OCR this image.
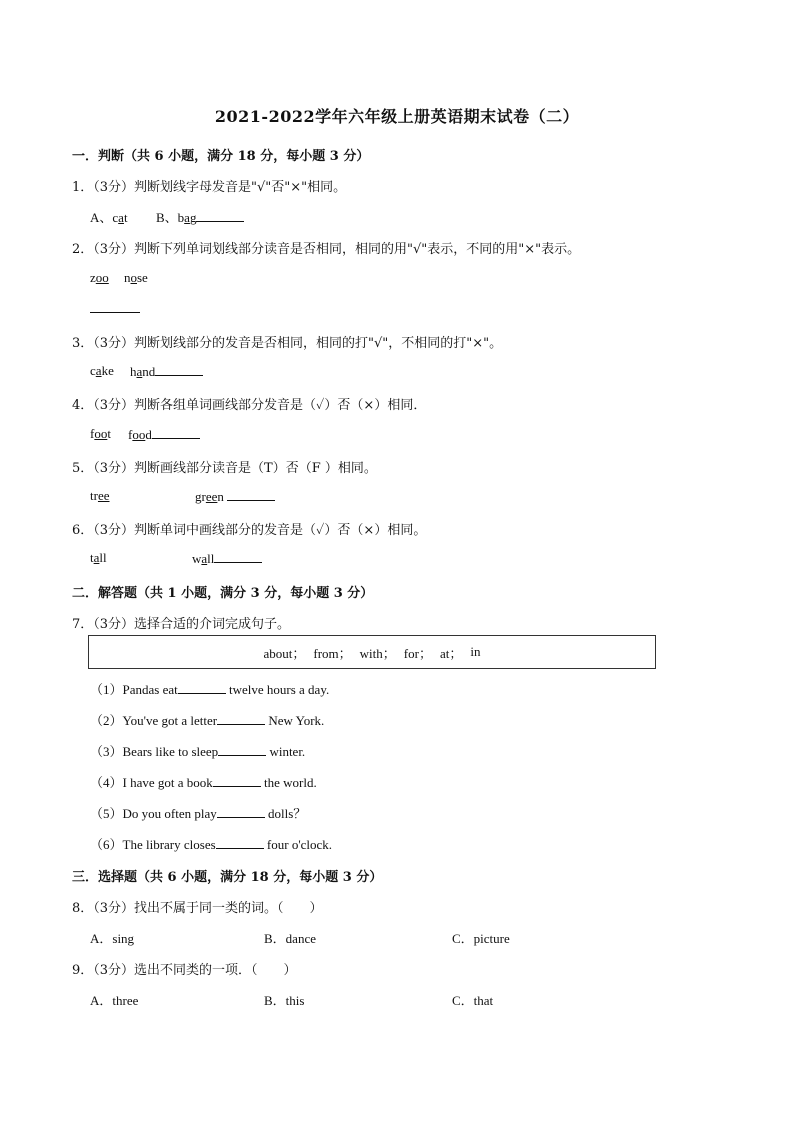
2021-2022学年六年级上册英语期末试卷（二）
一．判断（共 6 小题，满分 18 分，每小题 3 分）
1．（3分）判断划线字母发音是"√"否"×"相同。
A、cat B、bag
2．（3分）判断下列单词划线部分读音是否相同，相同的用"√"表示，不同的用"×"表示。
zoo nose
3．（3分）判断划线部分的发音是否相同，相同的打"√"，不相同的打"×"。
cake hand
4．（3分）判断各组单词画线部分发音是（✓）否（×）相同．
foot food
5．（3分）判断画线部分读音是（T）否（F ）相同。
tree	green
6．（3分）判断单词中画线部分的发音是（✓）否（×）相同。
tall	wall
二．解答题（共 1 小题，满分 3 分，每小题 3 分）
7．（3分）选择合适的介词完成句子。
about； from； with； for； at； in
（1）Pandas eat	twelve hours a day.
（2）You've got a letter	New York.
（3）Bears like to sleep	winter.
（4）I have got a book	the world.
（5）Do you often play	dolls？
（6）The library closes	four o'clock.
三．选择题（共 6 小题，满分 18 分，每小题 3 分）
8．（3分）找出不属于同一类的词。（　　）
A．sing	B．dance	C．picture
9．（3分）选出不同类的一项．（　　）
A．three	B．this	C．that
